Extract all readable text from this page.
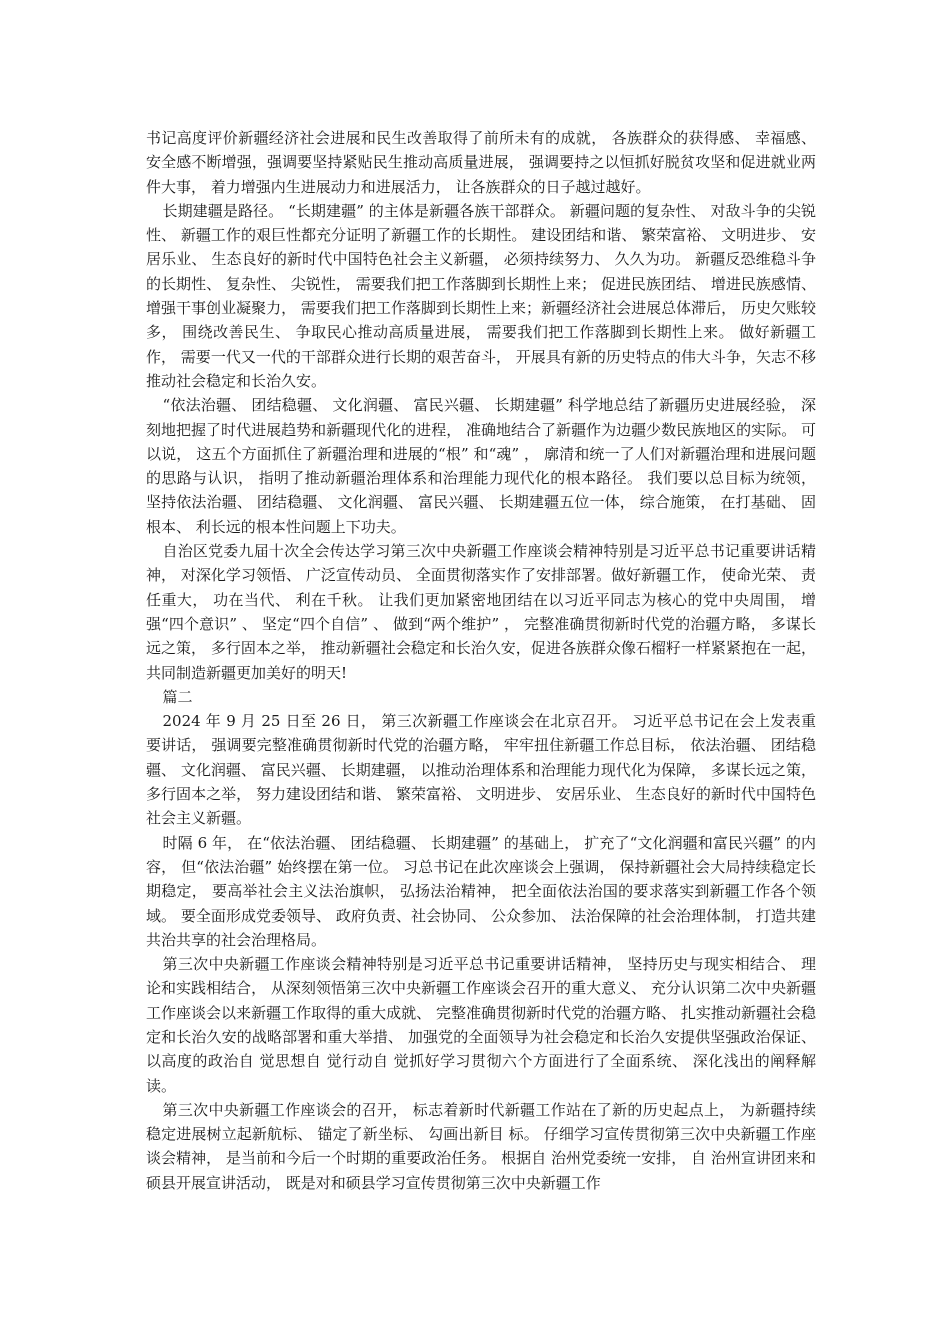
书记高度评价新疆经济社会进展和民生改善取得了前所未有的成就， 各族群众的获得感、 幸福感、 安全感不断增强，强调要坚持紧贴民生推动高质量进展， 强调要持之以恒抓好脱贫攻坚和促进就业两件大事， 着力增强内生进展动力和进展活力， 让各族群众的日子越过越好。

长期建疆是路径。 “长期建疆” 的主体是新疆各族干部群众。 新疆问题的复杂性、 对敌斗争的尖锐性、 新疆工作的艰巨性都充分证明了新疆工作的长期性。 建设团结和谐、 繁荣富裕、 文明进步、 安居乐业、 生态良好的新时代中国特色社会主义新疆， 必须持续努力、 久久为功。 新疆反恐维稳斗争的长期性、 复杂性、 尖锐性， 需要我们把工作落脚到长期性上来； 促进民族团结、 增进民族感情、 增强干事创业凝聚力， 需要我们把工作落脚到长期性上来；新疆经济社会进展总体滞后， 历史欠账较多， 围绕改善民生、 争取民心推动高质量进展， 需要我们把工作落脚到长期性上来。 做好新疆工作， 需要一代又一代的干部群众进行长期的艰苦奋斗， 开展具有新的历史特点的伟大斗争，矢志不移推动社会稳定和长治久安。

“依法治疆、 团结稳疆、 文化润疆、 富民兴疆、 长期建疆” 科学地总结了新疆历史进展经验， 深刻地把握了时代进展趋势和新疆现代化的进程， 准确地结合了新疆作为边疆少数民族地区的实际。 可以说， 这五个方面抓住了新疆治理和进展的“根” 和“魂” ， 廓清和统一了人们对新疆治理和进展问题的思路与认识， 指明了推动新疆治理体系和治理能力现代化的根本路径。 我们要以总目标为统领， 坚持依法治疆、 团结稳疆、 文化润疆、 富民兴疆、 长期建疆五位一体， 综合施策， 在打基础、 固根本、 利长远的根本性问题上下功夫。

自治区党委九届十次全会传达学习第三次中央新疆工作座谈会精神特别是习近平总书记重要讲话精神， 对深化学习领悟、 广泛宣传动员、 全面贯彻落实作了安排部署。做好新疆工作， 使命光荣、 责任重大， 功在当代、 利在千秋。 让我们更加紧密地团结在以习近平同志为核心的党中央周围， 增强“四个意识” 、 坚定“四个自信” 、 做到“两个维护” ， 完整准确贯彻新时代党的治疆方略， 多谋长远之策， 多行固本之举， 推动新疆社会稳定和长治久安，促进各族群众像石榴籽一样紧紧抱在一起， 共同制造新疆更加美好的明天!

篇二

2024 年 9 月 25 日至 26 日， 第三次新疆工作座谈会在北京召开。 习近平总书记在会上发表重要讲话， 强调要完整准确贯彻新时代党的治疆方略， 牢牢扭住新疆工作总目标， 依法治疆、 团结稳疆、 文化润疆、 富民兴疆、 长期建疆， 以推动治理体系和治理能力现代化为保障， 多谋长远之策， 多行固本之举， 努力建设团结和谐、 繁荣富裕、 文明进步、 安居乐业、 生态良好的新时代中国特色社会主义新疆。

时隔 6 年， 在“依法治疆、 团结稳疆、 长期建疆” 的基础上， 扩充了“文化润疆和富民兴疆” 的内容， 但“依法治疆” 始终摆在第一位。 习总书记在此次座谈会上强调， 保持新疆社会大局持续稳定长期稳定， 要高举社会主义法治旗帜， 弘扬法治精神， 把全面依法治国的要求落实到新疆工作各个领域。 要全面形成党委领导、 政府负责、社会协同、 公众参加、 法治保障的社会治理体制， 打造共建共治共享的社会治理格局。

第三次中央新疆工作座谈会精神特别是习近平总书记重要讲话精神， 坚持历史与现实相结合、 理论和实践相结合， 从深刻领悟第三次中央新疆工作座谈会召开的重大意义、 充分认识第二次中央新疆工作座谈会以来新疆工作取得的重大成就、 完整准确贯彻新时代党的治疆方略、 扎实推动新疆社会稳定和长治久安的战略部署和重大举措、 加强党的全面领导为社会稳定和长治久安提供坚强政治保证、 以高度的政治自 觉思想自 觉行动自 觉抓好学习贯彻六个方面进行了全面系统、 深化浅出的阐释解读。

第三次中央新疆工作座谈会的召开， 标志着新时代新疆工作站在了新的历史起点上， 为新疆持续稳定进展树立起新航标、 锚定了新坐标、 勾画出新目 标。 仔细学习宣传贯彻第三次中央新疆工作座谈会精神， 是当前和今后一个时期的重要政治任务。 根据自 治州党委统一安排， 自 治州宣讲团来和硕县开展宣讲活动， 既是对和硕县学习宣传贯彻第三次中央新疆工作
